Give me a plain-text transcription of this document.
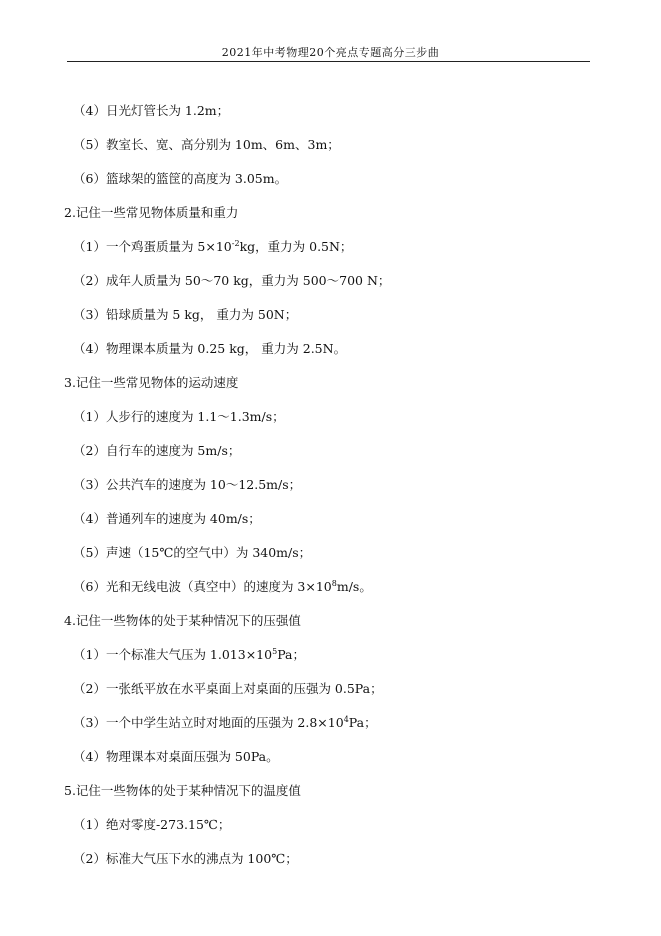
2021年中考物理20个亮点专题高分三步曲
（4）日光灯管长为 1.2m；
（5）教室长、宽、高分别为 10m、6m、3m；
（6）篮球架的篮筐的高度为 3.05m。
2.记住一些常见物体质量和重力
（1）一个鸡蛋质量为 $5\times 10^{-2}kg$，重力为 0.5N；
（2）成年人质量为 50～70 kg，重力为 500～700 N；
（3）铅球质量为 5 kg， 重力为 50N；
（4）物理课本质量为 0.25 kg， 重力为 2.5N。
3.记住一些常见物体的运动速度
（1）人步行的速度为 1.1～1.3m/s；
（2）自行车的速度为 5m/s；
（3）公共汽车的速度为 10～12.5m/s；
（4）普通列车的速度为 40m/s；
（5）声速（15℃的空气中）为 340m/s；
（6）光和无线电波（真空中）的速度为 $3\times 10^8m/s$。
4.记住一些物体的处于某种情况下的压强值
（1）一个标准大气压为 $1.013\times 10^5Pa$；
（2）一张纸平放在水平桌面上对桌面的压强为 0.5Pa；
（3）一个中学生站立时对地面的压强为 $2.8\times 10^4Pa$；
（4）物理课本对桌面压强为 50Pa。
5.记住一些物体的处于某种情况下的温度值
（1）绝对零度-273.15℃；
（2）标准大气压下水的沸点为 100℃；
